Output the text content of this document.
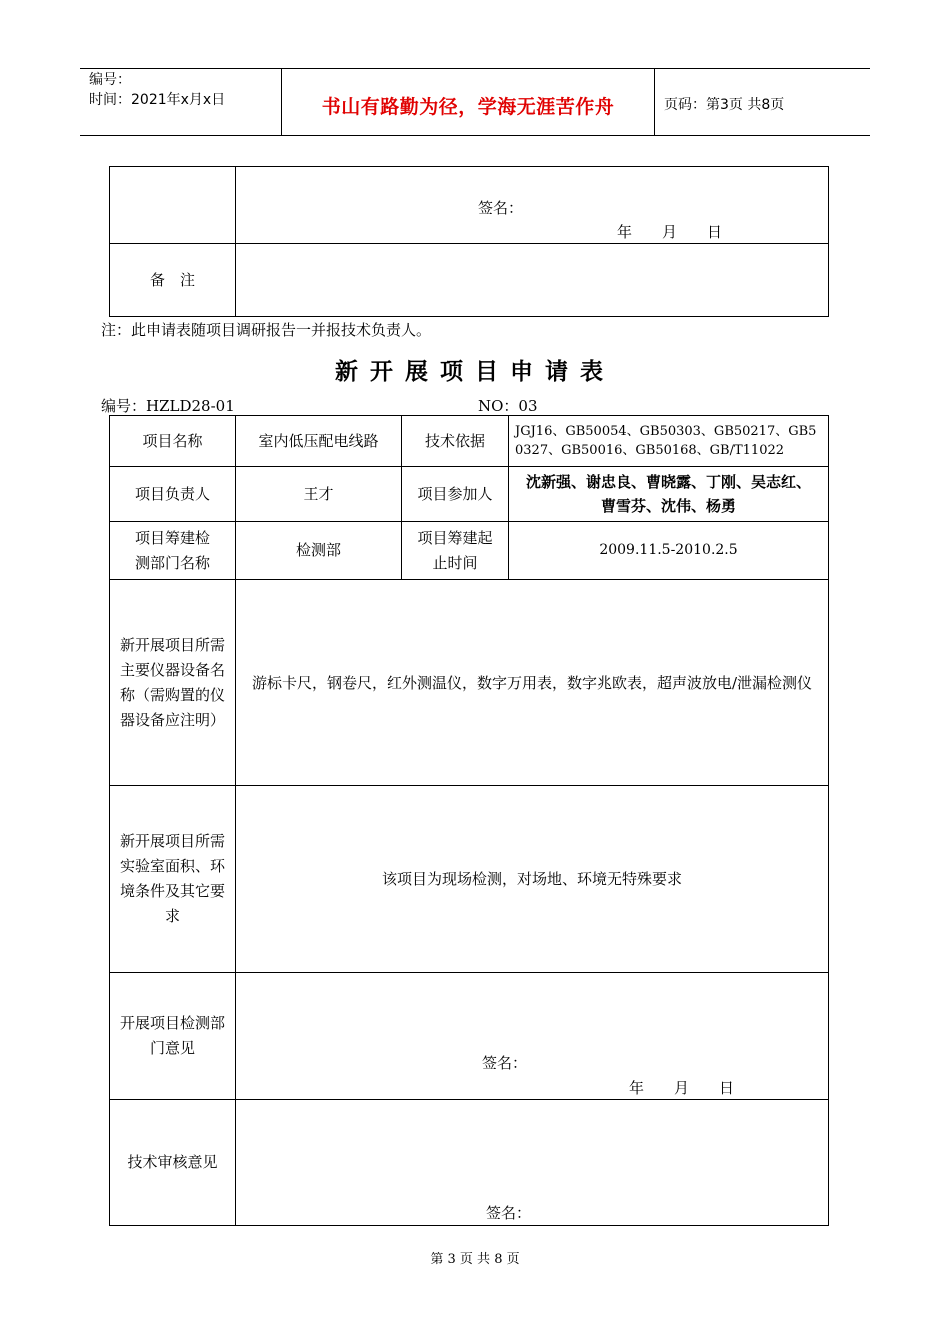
编号：
时间：2021年x月x日	书山有路勤为径，学海无涯苦作舟	页码：第3页 共8页

	签名：
年　　月　　日

备　注	
注：此申请表随项目调研报告一并报技术负责人。
新开展项目申请表
编号：HZLD28-01	NO：03
项目名称	室内低压配电线路	技术依据	JGJ16、GB50054、GB50303、GB50217、GB50327、GB50016、GB50168、GB/T11022

项目负责人	王才	项目参加人	沈新强、谢忠良、曹晓露、丁刚、吴志红、曹雪芬、沈伟、杨勇

项目筹建检测部门名称	检测部	项目筹建起止时间	2009.11.5-2010.2.5

新开展项目所需主要仪器设备名称（需购置的仪器设备应注明）	游标卡尺，钢卷尺，红外测温仪，数字万用表，数字兆欧表，超声波放电/泄漏检测仪		

新开展项目所需实验室面积、环境条件及其它要求	该项目为现场检测，对场地、环境无特殊要求		

开展项目检测部门意见	签名：
年　　月　　日		

技术审核意见	签名：		
第 3 页 共 8 页
